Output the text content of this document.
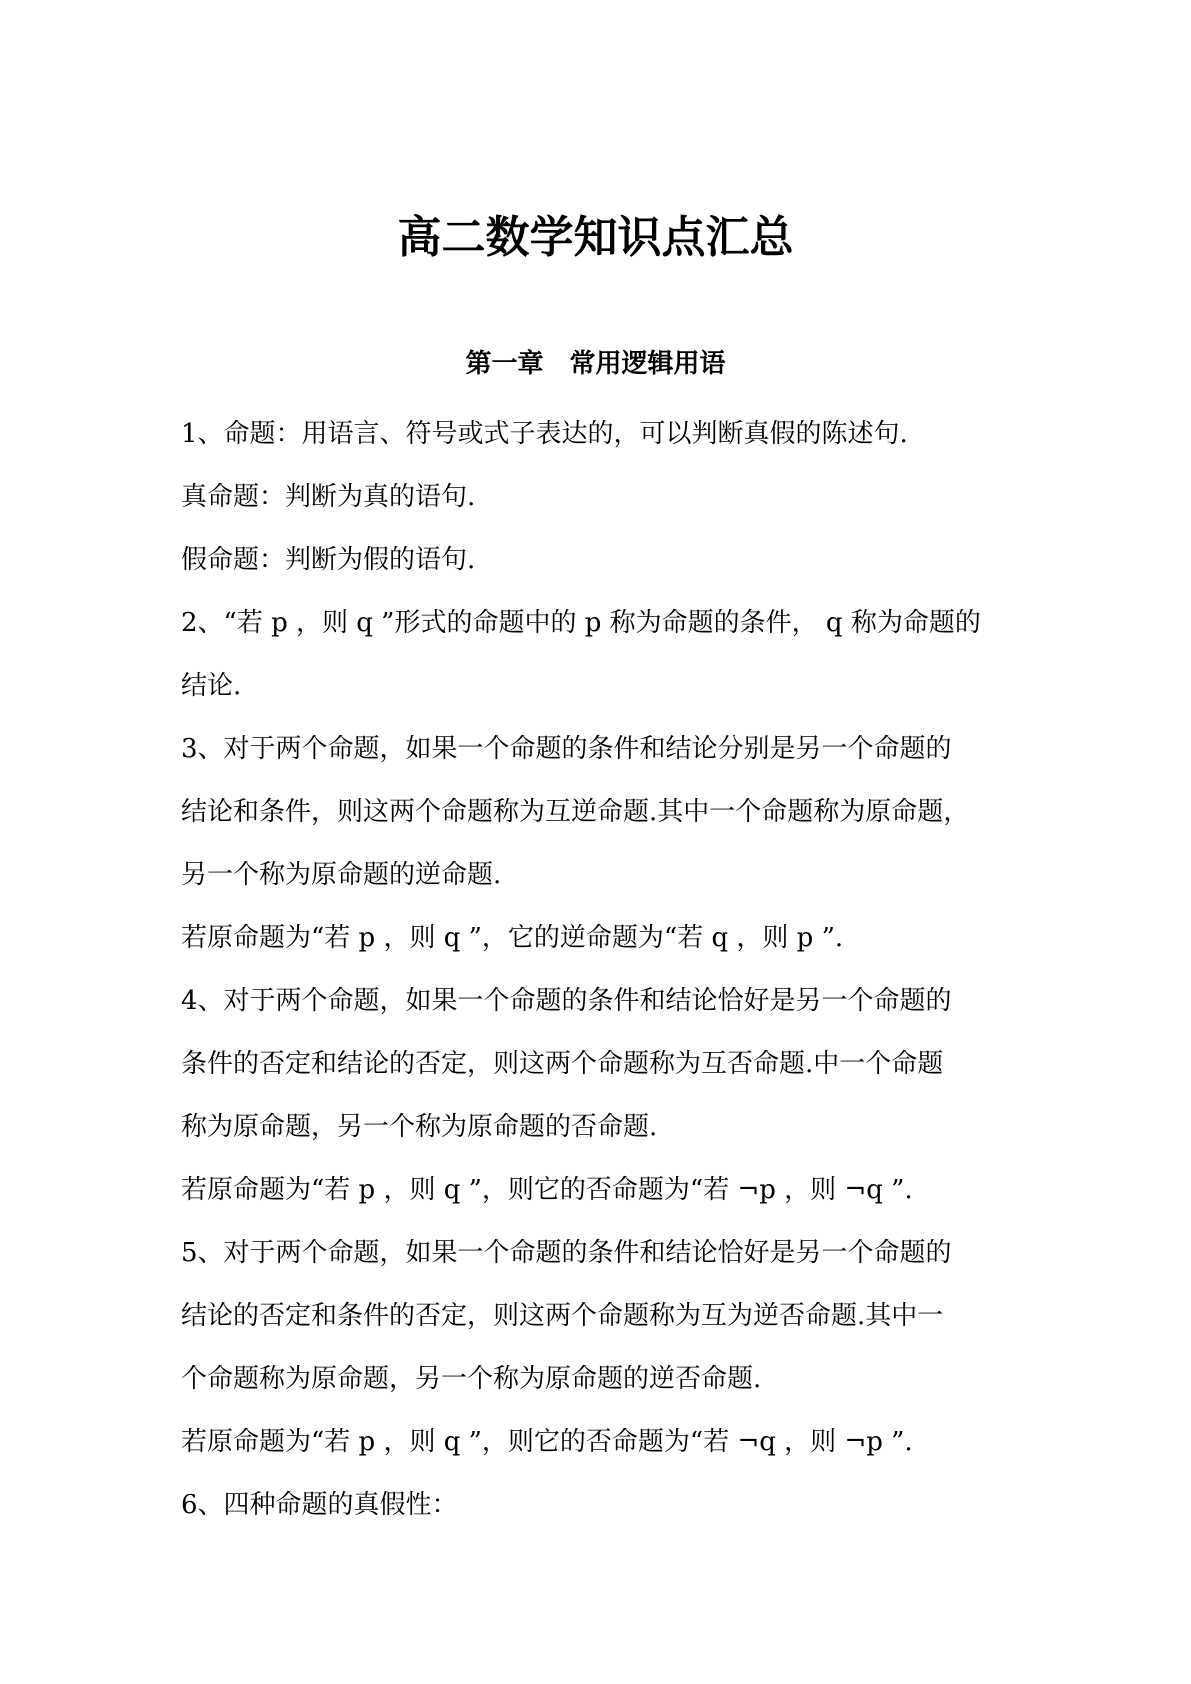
高二数学知识点汇总
第一章　常用逻辑用语
1、命题：用语言、符号或式子表达的，可以判断真假的陈述句.
真命题：判断为真的语句.
假命题：判断为假的语句.
2、“若 p ，则 q ”形式的命题中的 p 称为命题的条件， q 称为命题的
结论.
3、对于两个命题，如果一个命题的条件和结论分别是另一个命题的
结论和条件，则这两个命题称为互逆命题.其中一个命题称为原命题，
另一个称为原命题的逆命题.
若原命题为“若 p ，则 q ”，它的逆命题为“若 q ，则 p ”.
4、对于两个命题，如果一个命题的条件和结论恰好是另一个命题的
条件的否定和结论的否定，则这两个命题称为互否命题.中一个命题
称为原命题，另一个称为原命题的否命题.
若原命题为“若 p ，则 q ”，则它的否命题为“若 ¬p ，则 ¬q ”.
5、对于两个命题，如果一个命题的条件和结论恰好是另一个命题的
结论的否定和条件的否定，则这两个命题称为互为逆否命题.其中一
个命题称为原命题，另一个称为原命题的逆否命题.
若原命题为“若 p ，则 q ”，则它的否命题为“若 ¬q ，则 ¬p ”.
6、四种命题的真假性：
